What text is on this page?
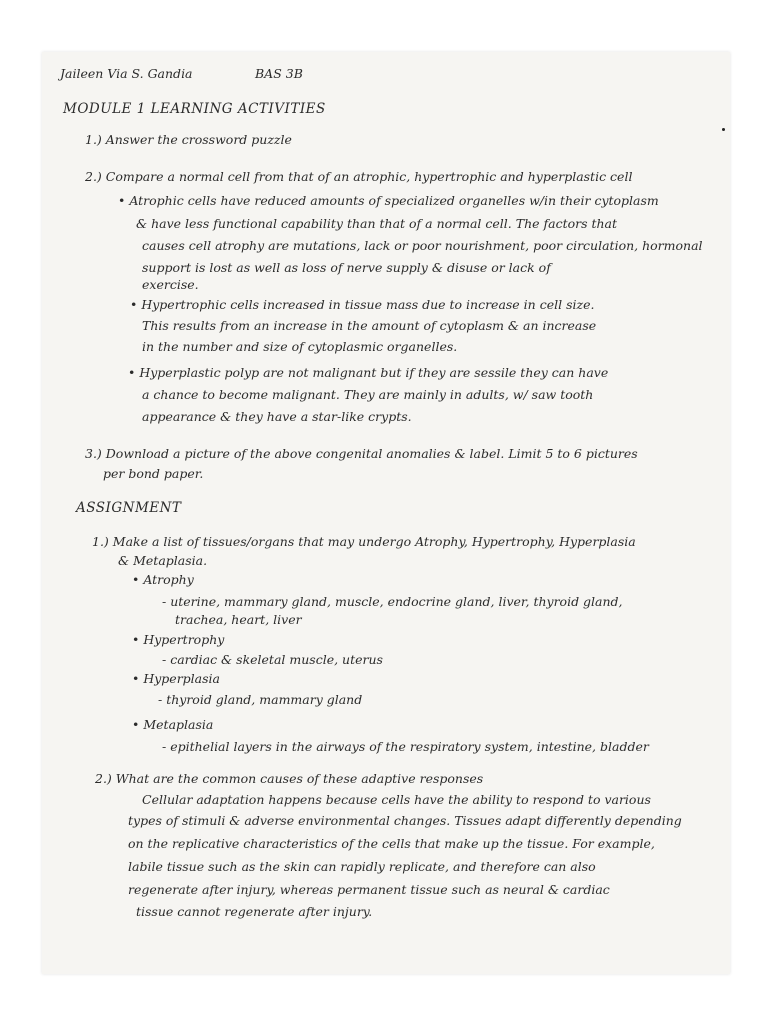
Jaileen Via S. Gandia	BAS 3B

MODULE 1 LEARNING ACTIVITIES

1.) Answer the crossword puzzle

2.) Compare a normal cell from that of an atrophic, hypertrophic and hyperplastic cell

• Atrophic cells have reduced amounts of specialized organelles w/in their cytoplasm

& have less functional capability than that of a normal cell. The factors that

causes cell atrophy are mutations, lack or poor nourishment, poor circulation, hormonal

support is lost as well as loss of nerve supply & disuse or lack of

exercise.

• Hypertrophic cells increased in tissue mass due to increase in cell size.

This results from an increase in the amount of cytoplasm & an increase

in the number and size of cytoplasmic organelles.

• Hyperplastic polyp are not malignant but if they are sessile they can have

a chance to become malignant. They are mainly in adults, w/ saw tooth

appearance & they have a star-like crypts.

3.) Download a picture of the above congenital anomalies & label. Limit 5 to 6 pictures

per bond paper.

ASSIGNMENT

1.) Make a list of tissues/organs that may undergo Atrophy, Hypertrophy, Hyperplasia

& Metaplasia.

• Atrophy

- uterine, mammary gland, muscle, endocrine gland, liver, thyroid gland,

trachea, heart, liver

• Hypertrophy

- cardiac & skeletal muscle, uterus

• Hyperplasia

- thyroid gland, mammary gland

• Metaplasia

- epithelial layers in the airways of the respiratory system, intestine, bladder

2.) What are the common causes of these adaptive responses

Cellular adaptation happens because cells have the ability to respond to various

types of stimuli & adverse environmental changes. Tissues adapt differently depending

on the replicative characteristics of the cells that make up the tissue. For example,

labile tissue such as the skin can rapidly replicate, and therefore can also

regenerate after injury, whereas permanent tissue such as neural & cardiac

tissue cannot regenerate after injury.
